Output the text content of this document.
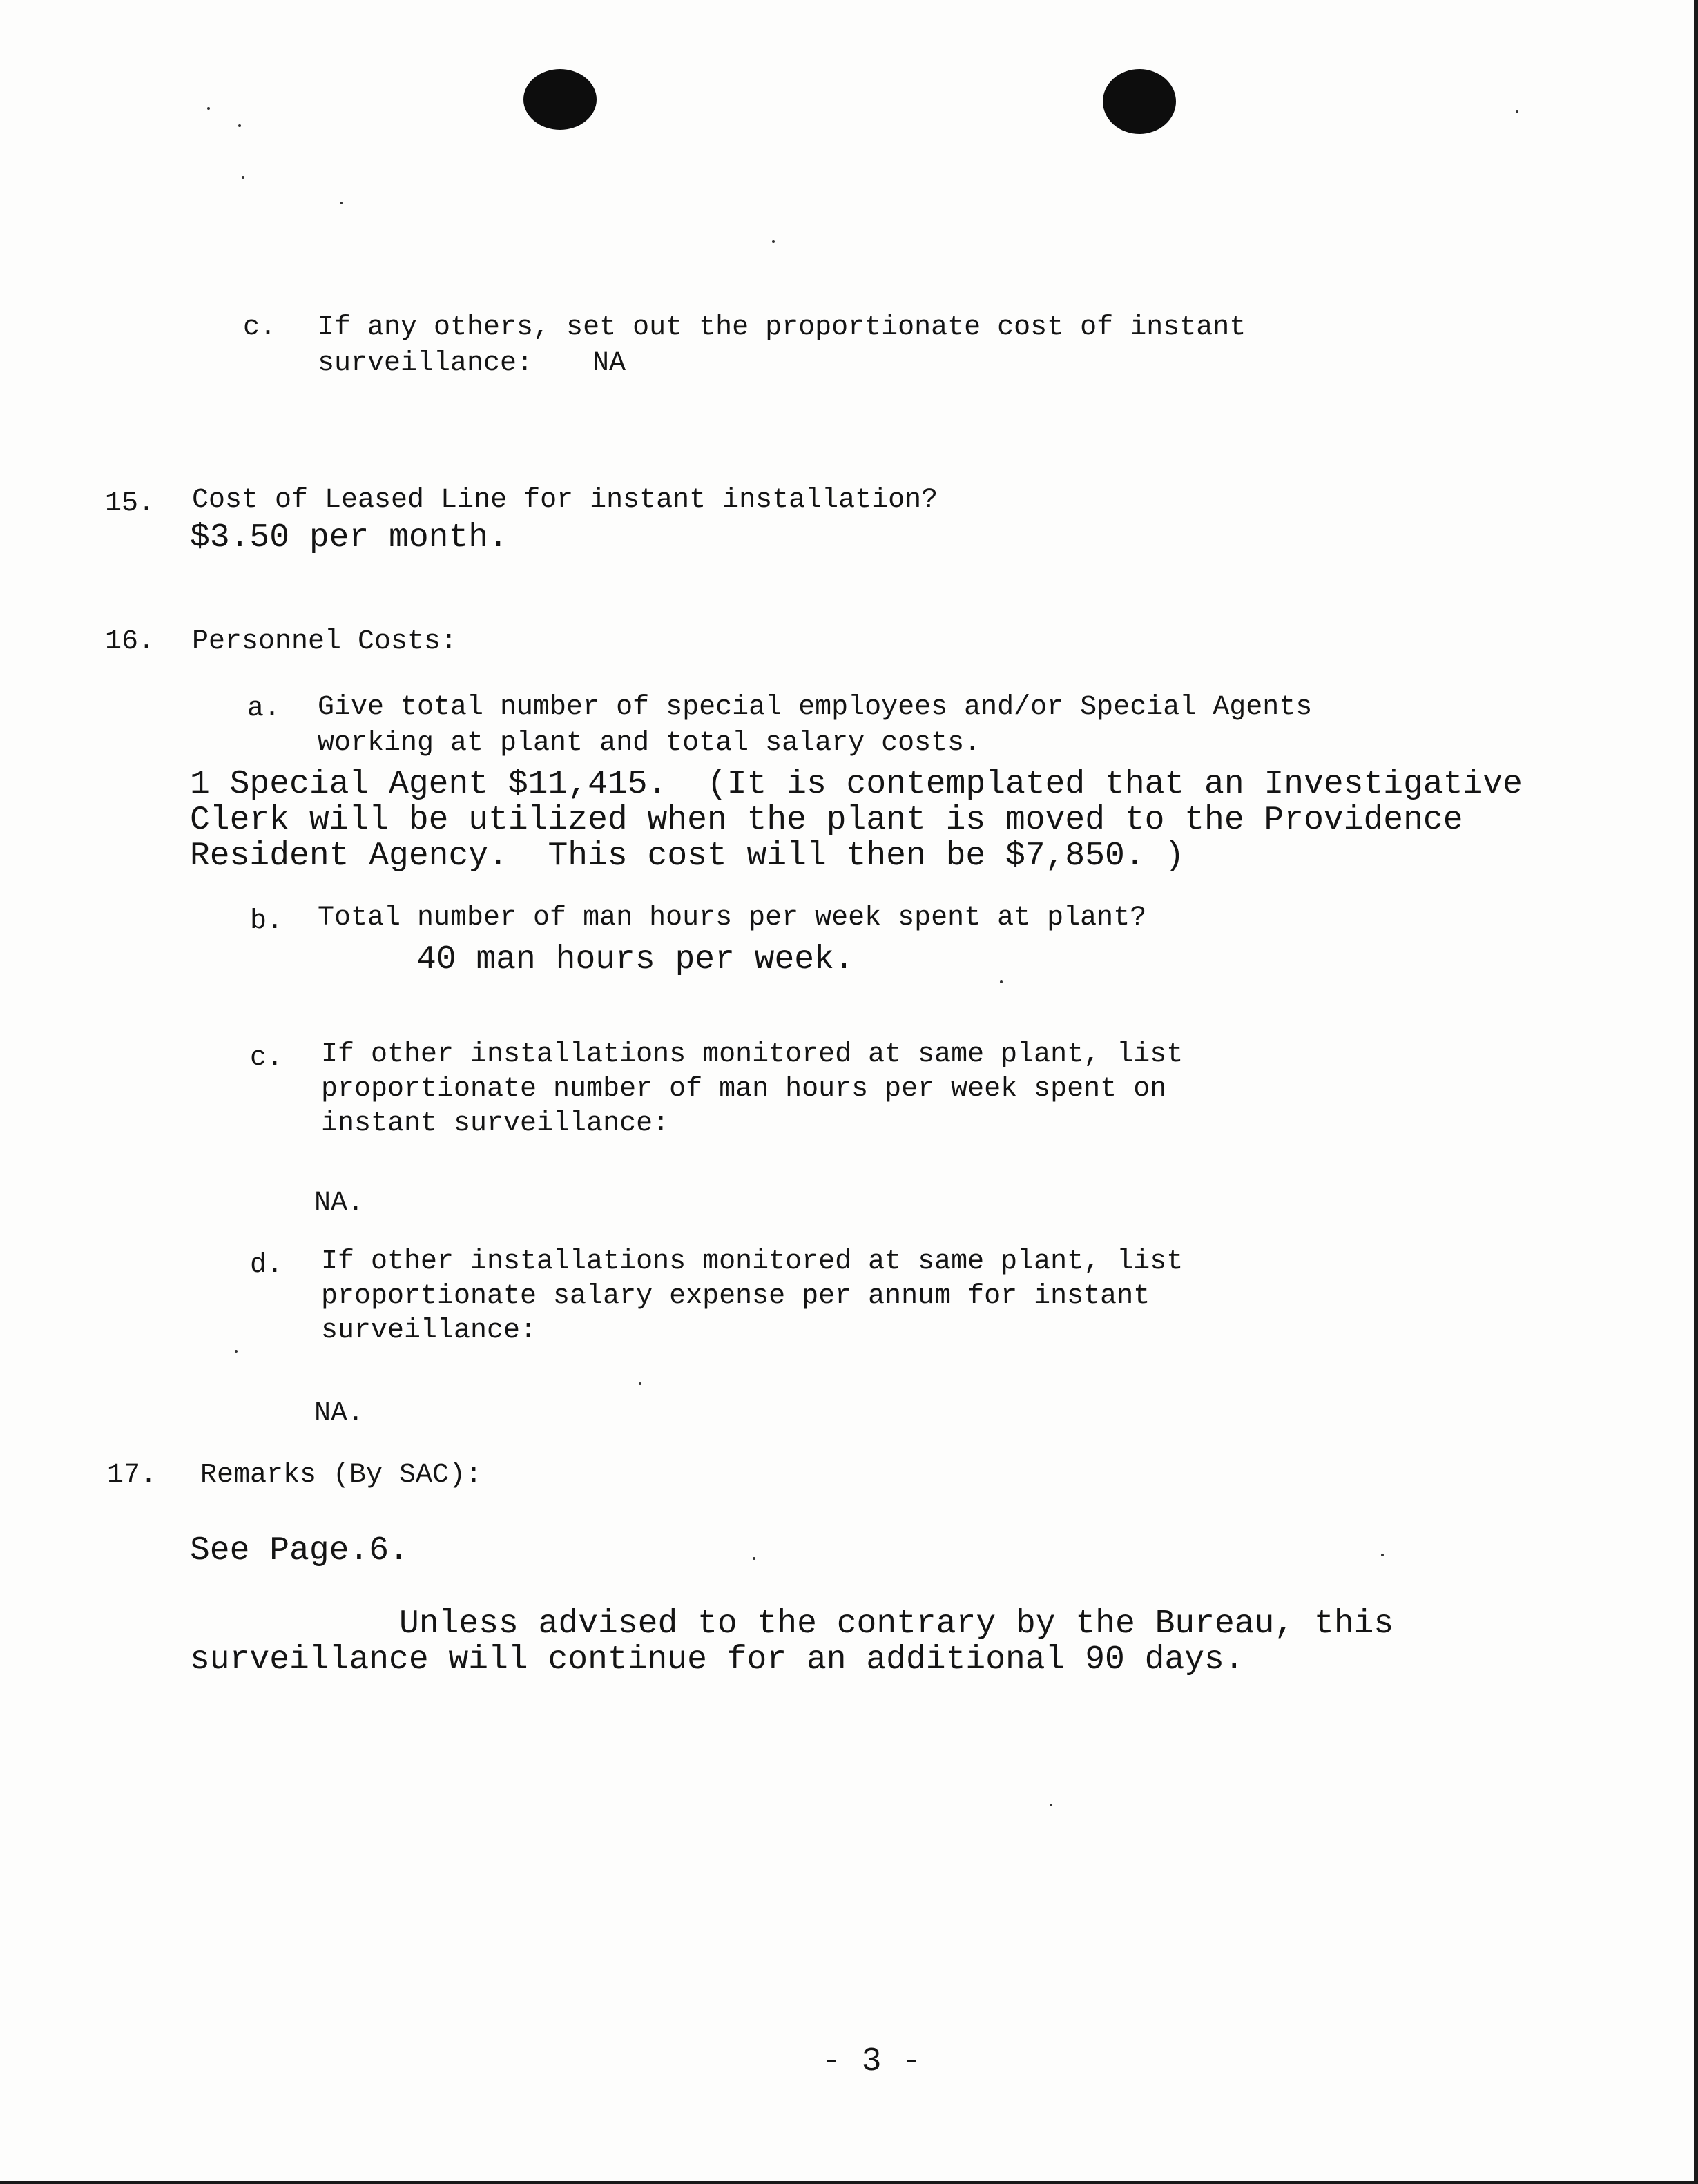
c. If any others, set out the proportionate cost of instant
surveillance: NA
15. Cost of Leased Line for instant installation?
$3.50 per month.
16. Personnel Costs:
a. Give total number of special employees and/or Special Agents
working at plant and total salary costs.
1 Special Agent $11,415.  (It is contemplated that an Investigative
Clerk will be utilized when the plant is moved to the Providence
Resident Agency.  This cost will then be $7,850. )
b. Total number of man hours per week spent at plant?
40 man hours per week.
c. If other installations monitored at same plant, list
proportionate number of man hours per week spent on
instant surveillance:
NA.
d. If other installations monitored at same plant, list
proportionate salary expense per annum for instant
surveillance:
NA.
17. Remarks (By SAC):
See Page.6.
Unless advised to the contrary by the Bureau, this
surveillance will continue for an additional 90 days.
- 3 -
